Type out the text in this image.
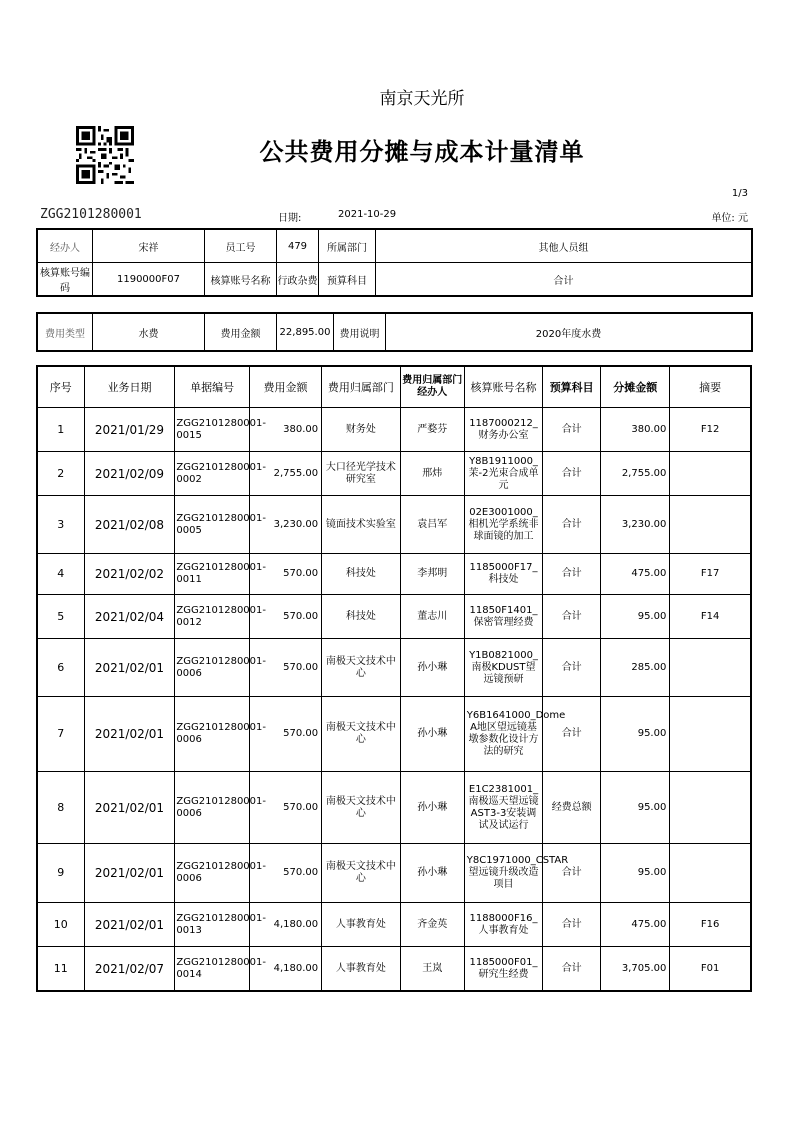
南京天光所
公共费用分摊与成本计量清单
1/3
ZGG2101280001	日期:	2021-10-29	单位: 元
经办人	宋祥	员工号	479	所属部门	其他人员组
核算账号编码	1190000F07	核算账号名称	行政杂费	预算科目	合计
费用类型	水费	费用金额	22,895.00	费用说明	2020年度水费
序号	业务日期	单据编号	费用金额	费用归属部门	费用归属部门经办人	核算账号名称	预算科目	分摊金额	摘要
1	2021/01/29	ZGG2101280001-0015	380.00	财务处	严婺芬	1187000212_财务办公室	合计	380.00	F12
2	2021/02/09	ZGG2101280001-0002	2,755.00	大口径光学技术研究室	邢炜	Y8B1911000_茉-2光束合成单元	合计	2,755.00	
3	2021/02/08	ZGG2101280001-0005	3,230.00	镜面技术实验室	袁吕军	02E3001000_相机光学系统非球面镜的加工	合计	3,230.00	
4	2021/02/02	ZGG2101280001-0011	570.00	科技处	李邦明	1185000F17_科技处	合计	475.00	F17
5	2021/02/04	ZGG2101280001-0012	570.00	科技处	董志川	11850F1401_保密管理经费	合计	95.00	F14
6	2021/02/01	ZGG2101280001-0006	570.00	南极天文技术中心	孙小琳	Y1B0821000_南极KDUST望远镜预研	合计	285.00	
7	2021/02/01	ZGG2101280001-0006	570.00	南极天文技术中心	孙小琳	Y6B1641000_Dome A地区望远镜基墩参数化设计方法的研究	合计	95.00	
8	2021/02/01	ZGG2101280001-0006	570.00	南极天文技术中心	孙小琳	E1C2381001_南极巡天望远镜AST3-3安装调试及试运行	经费总额	95.00	
9	2021/02/01	ZGG2101280001-0006	570.00	南极天文技术中心	孙小琳	Y8C1971000_CSTAR望远镜升级改造项目	合计	95.00	
10	2021/02/01	ZGG2101280001-0013	4,180.00	人事教育处	齐金英	1188000F16_人事教育处	合计	475.00	F16
11	2021/02/07	ZGG2101280001-0014	4,180.00	人事教育处	王岚	1185000F01_研究生经费	合计	3,705.00	F01
